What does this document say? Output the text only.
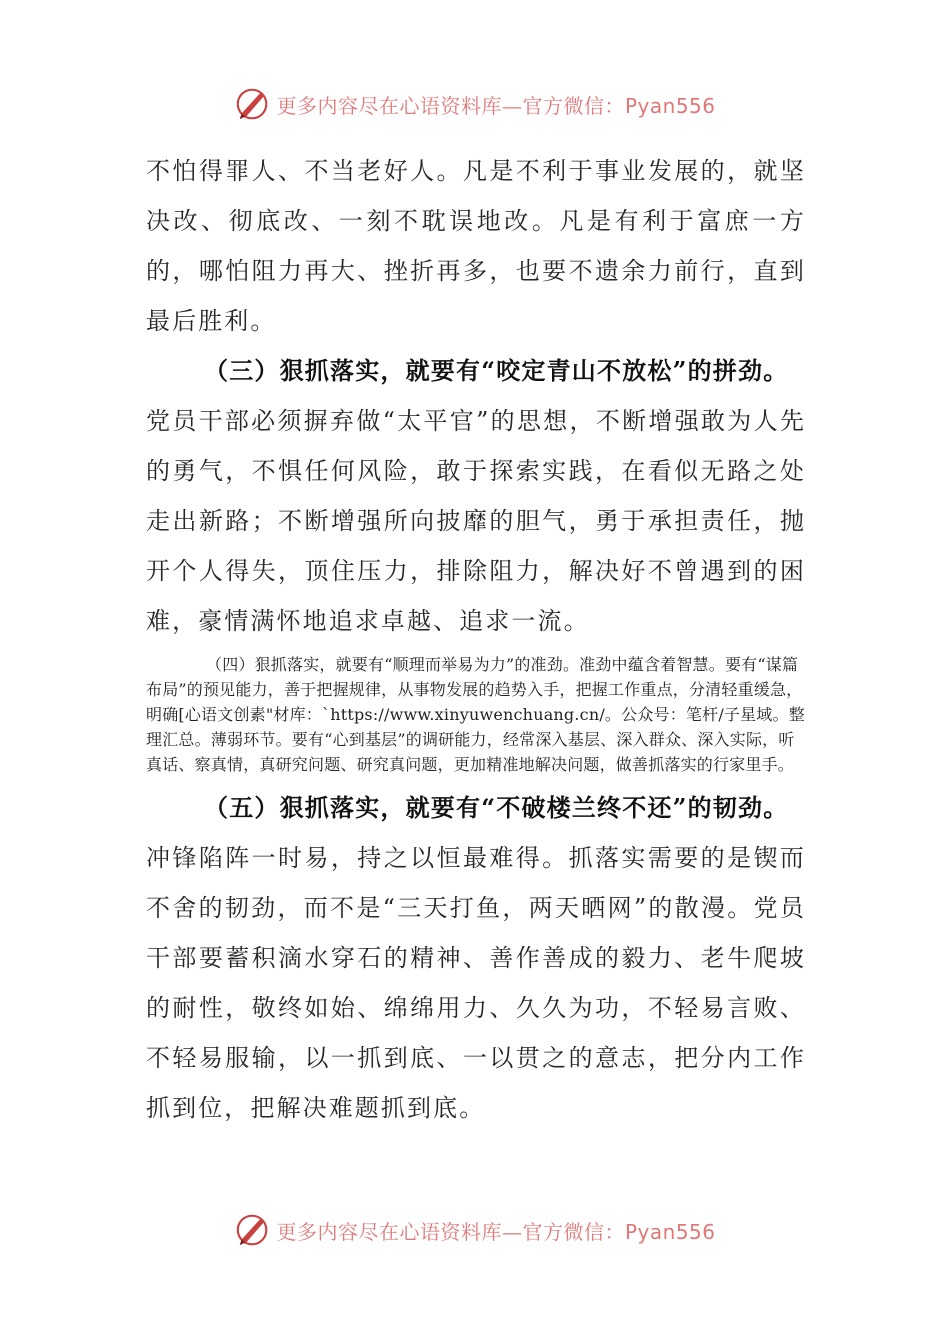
更多内容尽在心语资料库—官方微信：Pyan556

不怕得罪人、不当老好人。凡是不利于事业发展的，就坚决改、彻底改、一刻不耽误地改。凡是有利于富庶一方的，哪怕阻力再大、挫折再多，也要不遗余力前行，直到最后胜利。

（三）狠抓落实，就要有“咬定青山不放松”的拼劲。

党员干部必须摒弃做“太平官”的思想，不断增强敢为人先的勇气，不惧任何风险，敢于探索实践，在看似无路之处走出新路；不断增强所向披靡的胆气，勇于承担责任，抛开个人得失，顶住压力，排除阻力，解决好不曾遇到的困难，豪情满怀地追求卓越、追求一流。

（四）狠抓落实，就要有“顺理而举易为力”的准劲。准劲中蕴含着智慧。要有“谋篇布局”的预见能力，善于把握规律，从事物发展的趋势入手，把握工作重点，分清轻重缓急，明确[心语文创素"材库：`https://www.xinyuwenchuang.cn/。公众号：笔杆/子星域。整理汇总。薄弱环节。要有“心到基层”的调研能力，经常深入基层、深入群众、深入实际，听真话、察真情，真研究问题、研究真问题，更加精准地解决问题，做善抓落实的行家里手。

（五）狠抓落实，就要有“不破楼兰终不还”的韧劲。

冲锋陷阵一时易，持之以恒最难得。抓落实需要的是锲而不舍的韧劲，而不是“三天打鱼，两天晒网”的散漫。党员干部要蓄积滴水穿石的精神、善作善成的毅力、老牛爬坡的耐性，敬终如始、绵绵用力、久久为功，不轻易言败、不轻易服输，以一抓到底、一以贯之的意志，把分内工作抓到位，把解决难题抓到底。

更多内容尽在心语资料库—官方微信：Pyan556
